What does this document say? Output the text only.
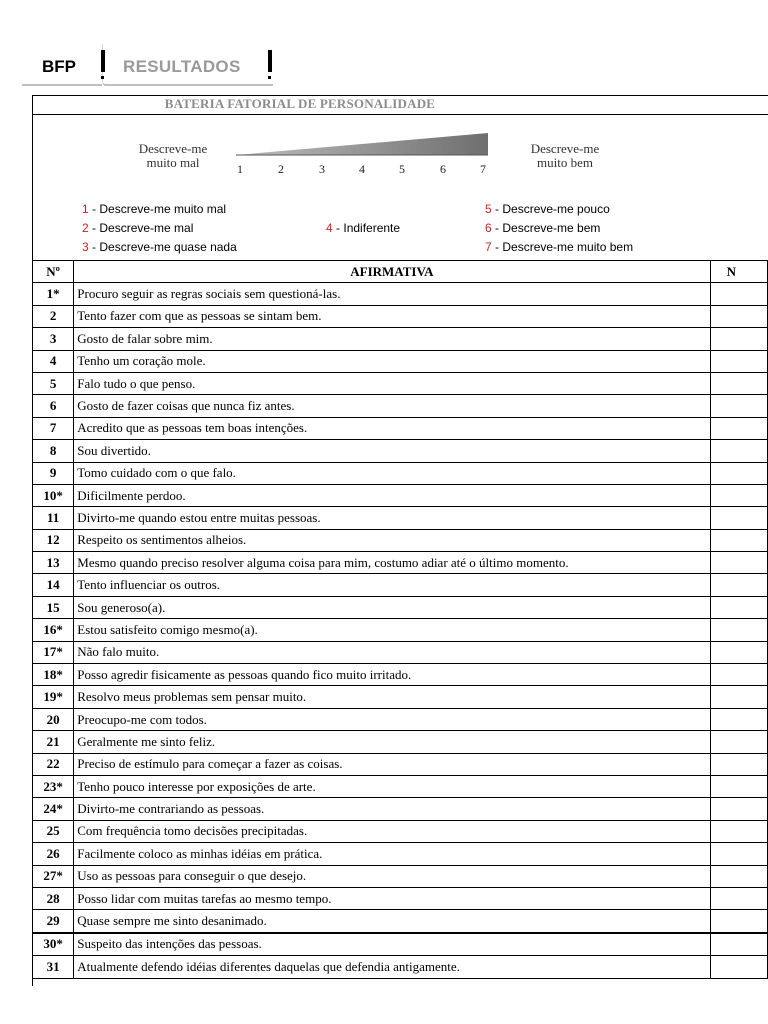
BFP	RESULTADOS
BATERIA FATORIAL DE PERSONALIDADE
Descreve-me
muito mal	1	2	3	4	5	6	7
Descreve-me
muito bem
1 - Descreve-me muito mal
2 - Descreve-me mal
3 - Descreve-me quase nada
4 - Indiferente
5 - Descreve-me pouco
6 - Descreve-me bem
7 - Descreve-me muito bem
Nº	AFIRMATIVA	N
1*	Procuro seguir as regras sociais sem questioná-las.	
2	Tento fazer com que as pessoas se sintam bem.	
3	Gosto de falar sobre mim.	
4	Tenho um coração mole.	
5	Falo tudo o que penso.	
6	Gosto de fazer coisas que nunca fiz antes.	
7	Acredito que as pessoas tem boas intenções.	
8	Sou divertido.	
9	Tomo cuidado com o que falo.	
10*	Dificilmente perdoo.	
11	Divirto-me quando estou entre muitas pessoas.	
12	Respeito os sentimentos alheios.	
13	Mesmo quando preciso resolver alguma coisa para mim, costumo adiar até o último momento.	
14	Tento influenciar os outros.	
15	Sou generoso(a).	
16*	Estou satisfeito comigo mesmo(a).	
17*	Não falo muito.	
18*	Posso agredir fisicamente as pessoas quando fico muito irritado.	
19*	Resolvo meus problemas sem pensar muito.	
20	Preocupo-me com todos.	
21	Geralmente me sinto feliz.	
22	Preciso de estímulo para começar a fazer as coisas.	
23*	Tenho pouco interesse por exposições de arte.	
24*	Divirto-me contrariando as pessoas.	
25	Com frequência tomo decisões precipitadas.	
26	Facilmente coloco as minhas idéias em prática.	
27*	Uso as pessoas para conseguir o que desejo.	
28	Posso lidar com muitas tarefas ao mesmo tempo.	
29	Quase sempre me sinto desanimado.	
30*	Suspeito das intenções das pessoas.	
31	Atualmente defendo idéias diferentes daquelas que defendia antigamente.	
